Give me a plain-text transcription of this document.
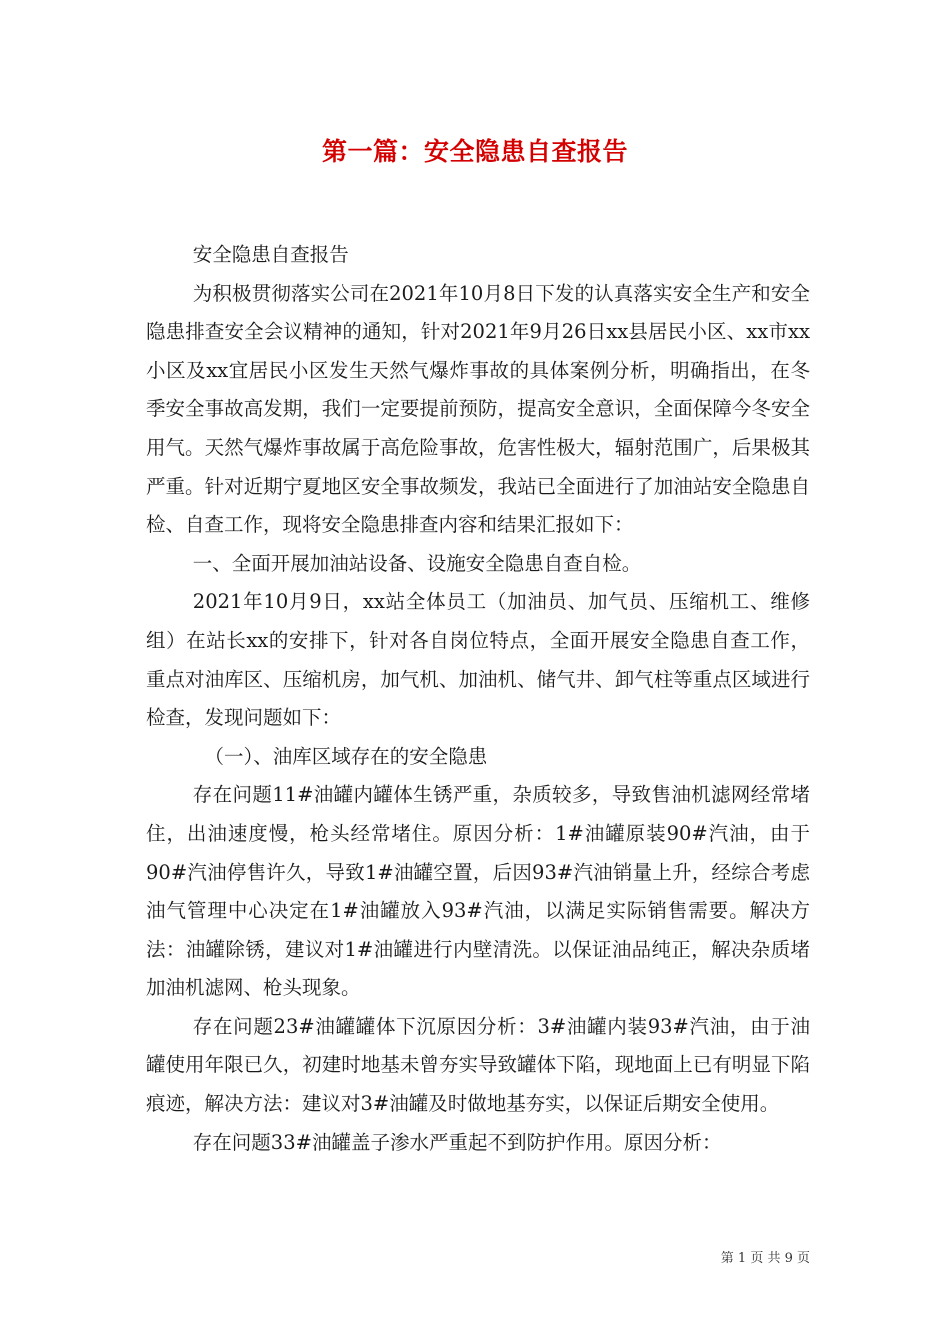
第一篇：安全隐患自查报告

安全隐患自查报告

为积极贯彻落实公司在2021年10月8日下发的认真落实安全生产和安全隐患排查安全会议精神的通知，针对2021年9月26日xx县居民小区、xx市xx小区及xx宜居民小区发生天然气爆炸事故的具体案例分析，明确指出，在冬季安全事故高发期，我们一定要提前预防，提高安全意识，全面保障今冬安全用气。天然气爆炸事故属于高危险事故，危害性极大，辐射范围广，后果极其严重。针对近期宁夏地区安全事故频发，我站已全面进行了加油站安全隐患自检、自查工作，现将安全隐患排查内容和结果汇报如下：

一、全面开展加油站设备、设施安全隐患自查自检。

2021年10月9日，xx站全体员工（加油员、加气员、压缩机工、维修组）在站长xx的安排下，针对各自岗位特点，全面开展安全隐患自查工作，重点对油库区、压缩机房，加气机、加油机、储气井、卸气柱等重点区域进行检查，发现问题如下：

（一）、油库区域存在的安全隐患

存在问题11#油罐内罐体生锈严重，杂质较多，导致售油机滤网经常堵住，出油速度慢，枪头经常堵住。原因分析：1#油罐原装90#汽油，由于90#汽油停售许久，导致1#油罐空置，后因93#汽油销量上升，经综合考虑油气管理中心决定在1#油罐放入93#汽油，以满足实际销售需要。解决方法：油罐除锈，建议对1#油罐进行内壁清洗。以保证油品纯正，解决杂质堵加油机滤网、枪头现象。

存在问题23#油罐罐体下沉原因分析：3#油罐内装93#汽油，由于油罐使用年限已久，初建时地基未曾夯实导致罐体下陷，现地面上已有明显下陷痕迹，解决方法：建议对3#油罐及时做地基夯实，以保证后期安全使用。

存在问题33#油罐盖子渗水严重起不到防护作用。原因分析：

第 1 页 共 9 页
